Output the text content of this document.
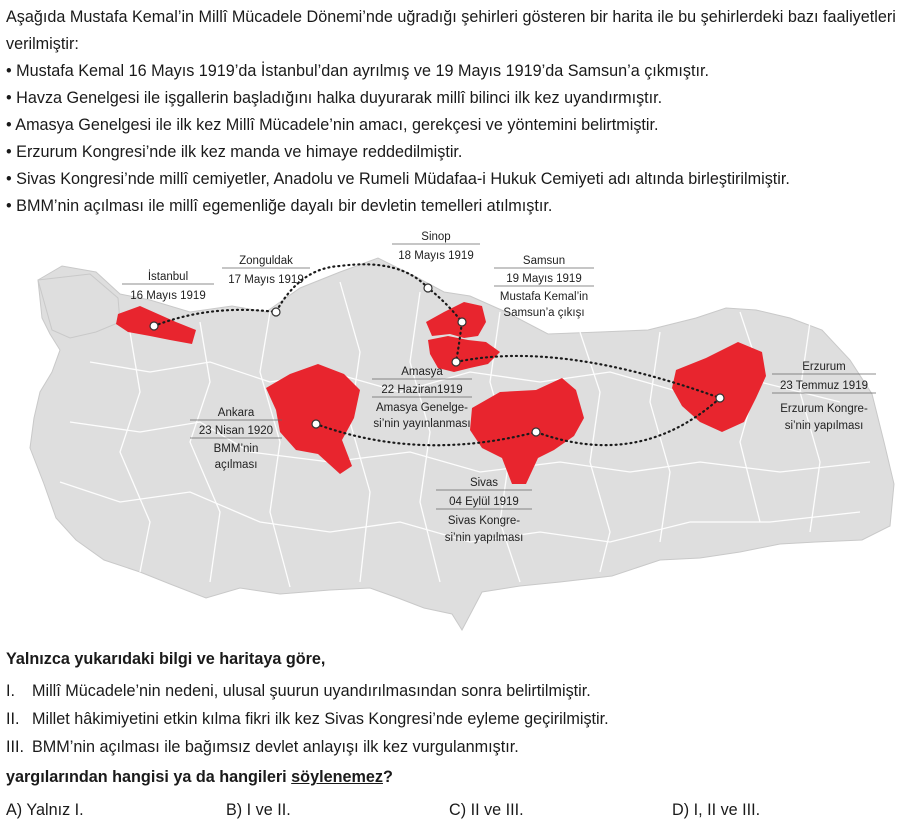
Aşağıda Mustafa Kemal’in Millî Mücadele Dönemi’nde uğradığı şehirleri gösteren bir harita ile bu şehirlerdeki bazı faaliyetleri verilmiştir:

• Mustafa Kemal 16 Mayıs 1919’da İstanbul’dan ayrılmış ve 19 Mayıs 1919’da Samsun’a çıkmıştır.

• Havza Genelgesi ile işgallerin başladığını halka duyurarak millî bilinci ilk kez uyandırmıştır.

• Amasya Genelgesi ile ilk kez Millî Mücadele’nin amacı, gerekçesi ve yöntemini belirtmiştir.

• Erzurum Kongresi’nde ilk kez manda ve himaye reddedilmiştir.

• Sivas Kongresi’nde millî cemiyetler, Anadolu ve Rumeli Müdafaa-i Hukuk Cemiyeti adı altında birleştirilmiştir.

• BMM’nin açılması ile millî egemenliğe dayalı bir devletin temelleri atılmıştır.

İstanbul
16 Mayıs 1919
Zonguldak
17 Mayıs 1919
Sinop
18 Mayıs 1919	Samsun
19 Mayıs 1919
Mustafa Kemal’in
Samsun’a çıkışı
Amasya
22 Haziran1919
Amasya Genelge-
si’nin yayınlanması
Ankara
23 Nisan 1920
BMM’nin
açılması
Sivas
04 Eylül 1919
Sivas Kongre-
si’nin yapılması
Erzurum
23 Temmuz 1919
Erzurum Kongre-
si’nin yapılması
Yalnızca yukarıdaki bilgi ve haritaya göre,
I. Millî Mücadele’nin nedeni, ulusal şuurun uyandırılmasından sonra belirtilmiştir.
II. Millet hâkimiyetini etkin kılma fikri ilk kez Sivas Kongresi’nde eyleme geçirilmiştir.
III. BMM’nin açılması ile bağımsız devlet anlayışı ilk kez vurgulanmıştır.
yargılarından hangisi ya da hangileri söylenemez?
A) Yalnız I.	B) I ve II.	C) II ve III.	D) I, II ve III.
